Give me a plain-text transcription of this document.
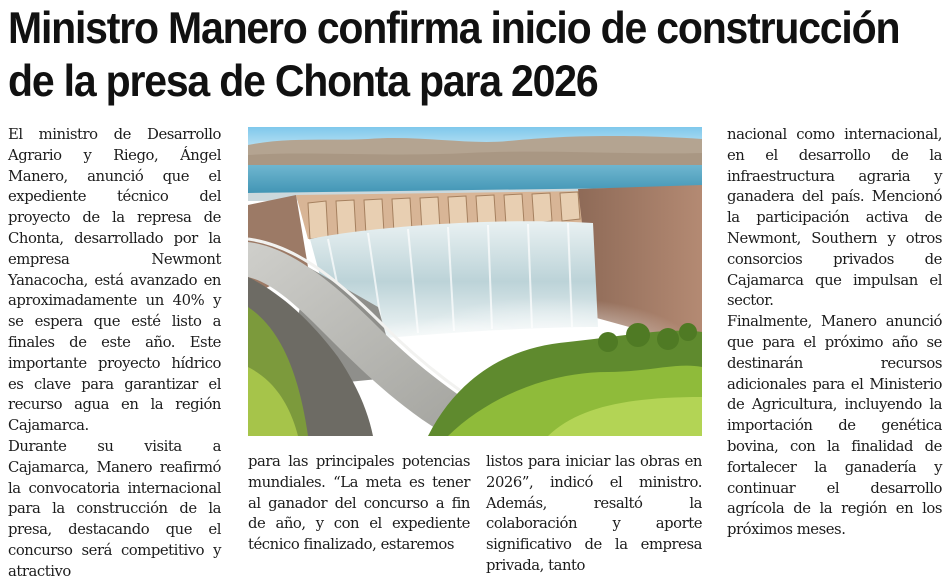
Ministro Manero confirma inicio de construcción de la presa de Chonta para 2026

El ministro de Desarrollo Agrario y Riego, Ángel Manero, anunció que el expediente técnico del proyecto de la represa de Chonta, desarrollado por la empresa Newmont Yanacocha, está avanzado en aproximadamente un 40% y se espera que esté listo a finales de este año. Este importante proyecto hídrico es clave para garantizar el recurso agua en la región Cajamarca.

Durante su visita a Cajamarca, Manero reafirmó la convocatoria internacional para la construcción de la presa, destacando que el concurso será competitivo y atractivo

para las principales potencias mundiales. “La meta es tener al ganador del concurso a fin de año, y con el expediente técnico finalizado, estaremos

listos para iniciar las obras en 2026”, indicó el ministro. Además, resaltó la colaboración y aporte significativo de la empresa privada, tanto

nacional como internacional, en el desarrollo de la infraestructura agraria y ganadera del país. Mencionó la participación activa de Newmont, Southern y otros consorcios privados de Cajamarca que impulsan el sector.

Finalmente, Manero anunció que para el próximo año se destinarán recursos adicionales para el Ministerio de Agricultura, incluyendo la importación de genética bovina, con la finalidad de fortalecer la ganadería y continuar el desarrollo agrícola de la región en los próximos meses.
